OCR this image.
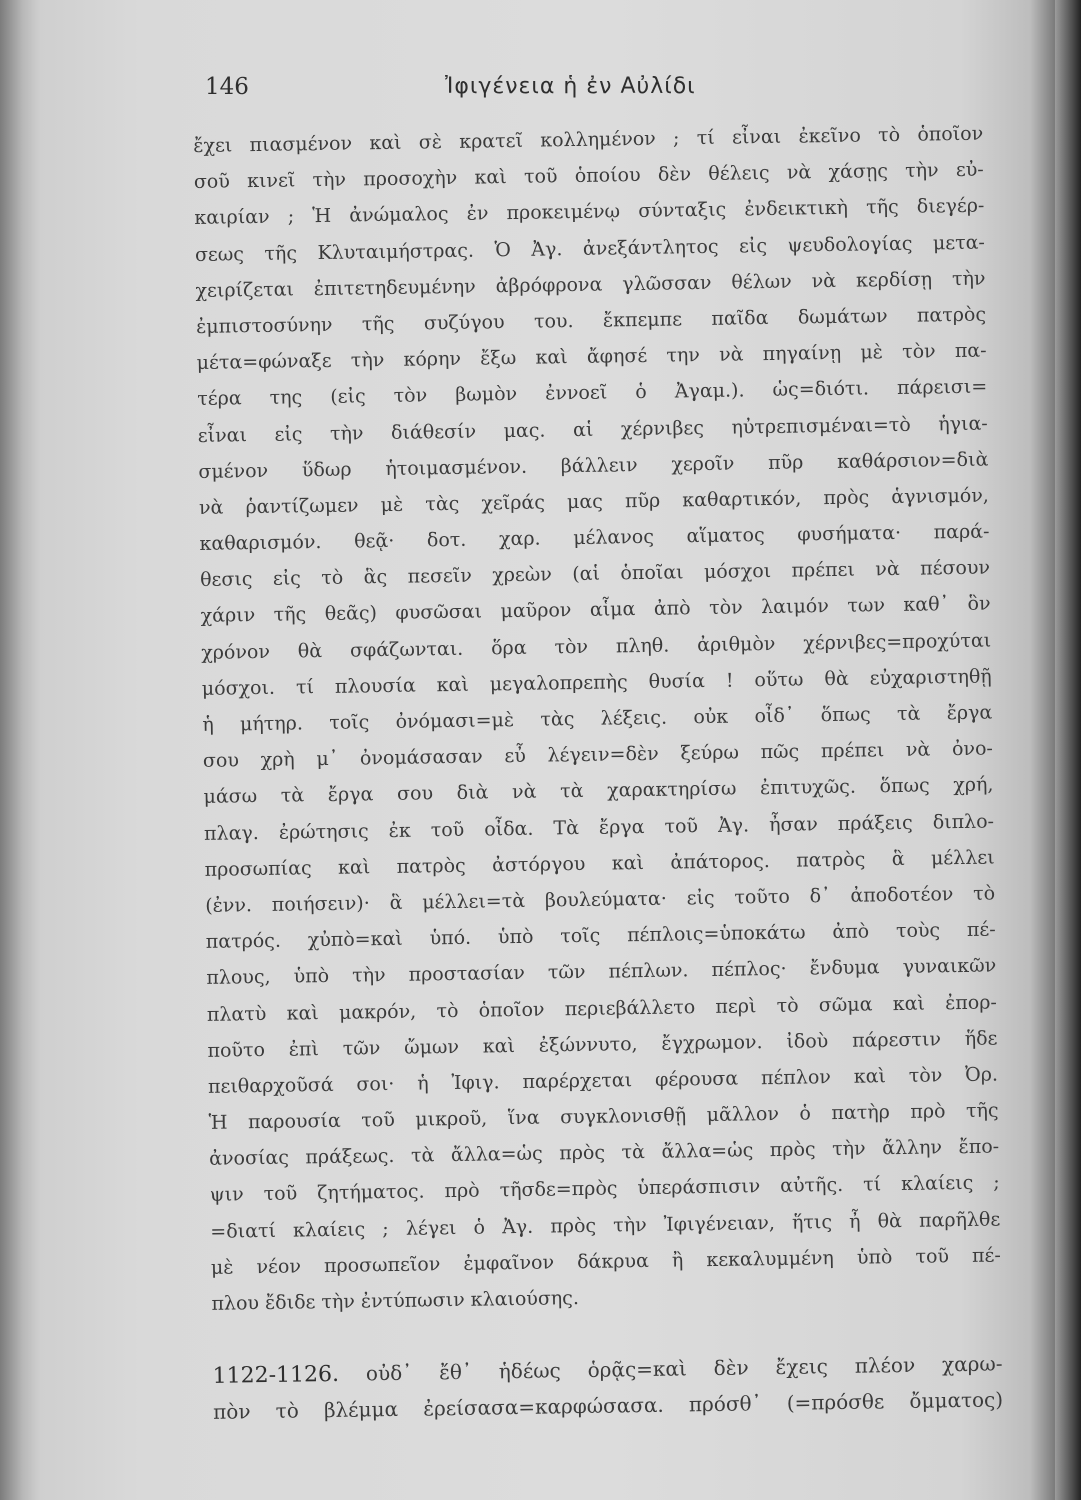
146	Ἰφιγένεια ἡ ἐν Αὐλίδι
ἔχει πιασμένον καὶ σὲ κρατεῖ κολλημένον ; τί εἶναι ἐκεῖνο τὸ ὁποῖον
σοῦ κινεῖ τὴν προσοχὴν καὶ τοῦ ὁποίου δὲν θέλεις νὰ χάσῃς τὴν εὐ-
καιρίαν ; Ἡ ἀνώμαλος ἐν προκειμένῳ σύνταξις ἐνδεικτικὴ τῆς διεγέρ-
σεως τῆς Κλυταιμήστρας. Ὁ Ἀγ. ἀνεξάντλητος εἰς ψευδολογίας μετα-
χειρίζεται ἐπιτετηδευμένην ἀβρόφρονα γλῶσσαν θέλων νὰ κερδίσῃ τὴν
ἐμπιστοσύνην τῆς συζύγου του. ἔκπεμπε παῖδα δωμάτων πατρὸς
μέτα=φώναξε τὴν κόρην ἔξω καὶ ἄφησέ την νὰ πηγαίνῃ μὲ τὸν πα-
τέρα της (εἰς τὸν βωμὸν ἐννοεῖ ὁ Ἀγαμ.). ὡς=διότι. πάρεισι=
εἶναι εἰς τὴν διάθεσίν μας. αἱ χέρνιβες ηὐτρεπισμέναι=τὸ ἡγια-
σμένον ὕδωρ ἡτοιμασμένον. βάλλειν χεροῖν πῦρ καθάρσιον=διὰ
νὰ ῥαντίζωμεν μὲ τὰς χεῖράς μας πῦρ καθαρτικόν, πρὸς ἁγνισμόν,
καθαρισμόν. θεᾷ· δοτ. χαρ. μέλανος αἵματος φυσήματα· παρά-
θεσις εἰς τὸ ἃς πεσεῖν χρεὼν (αἱ ὁποῖαι μόσχοι πρέπει νὰ πέσουν
χάριν τῆς θεᾶς) φυσῶσαι μαῦρον αἷμα ἀπὸ τὸν λαιμόν των καθ᾽ ὃν
χρόνον θὰ σφάζωνται. ὅρα τὸν πληθ. ἀριθμὸν χέρνιβες=προχύται
μόσχοι. τί πλουσία καὶ μεγαλοπρεπὴς θυσία ! οὕτω θὰ εὐχαριστηθῇ
ἡ μήτηρ. τοῖς ὀνόμασι=μὲ τὰς λέξεις. οὐκ οἶδ᾽ ὅπως τὰ ἔργα
σου χρὴ μ᾽ ὀνομάσασαν εὖ λέγειν=δὲν ξεύρω πῶς πρέπει νὰ ὀνο-
μάσω τὰ ἔργα σου διὰ νὰ τὰ χαρακτηρίσω ἐπιτυχῶς. ὅπως χρή,
πλαγ. ἐρώτησις ἐκ τοῦ οἶδα. Τὰ ἔργα τοῦ Ἀγ. ἦσαν πράξεις διπλο-
προσωπίας καὶ πατρὸς ἀστόργου καὶ ἀπάτορος. πατρὸς ἃ μέλλει
(ἐνν. ποιήσειν)· ἃ μέλλει=τὰ βουλεύματα· εἰς τοῦτο δ᾽ ἀποδοτέον τὸ
πατρός. χὐπὸ=καὶ ὑπό. ὑπὸ τοῖς πέπλοις=ὑποκάτω ἀπὸ τοὺς πέ-
πλους, ὑπὸ τὴν προστασίαν τῶν πέπλων. πέπλος· ἔνδυμα γυναικῶν
πλατὺ καὶ μακρόν, τὸ ὁποῖον περιεβάλλετο περὶ τὸ σῶμα καὶ ἐπορ-
ποῦτο ἐπὶ τῶν ὤμων καὶ ἐξώννυτο, ἔγχρωμον. ἰδοὺ πάρεστιν ἥδε
πειθαρχοῦσά σοι· ἡ Ἰφιγ. παρέρχεται φέρουσα πέπλον καὶ τὸν Ὀρ.
Ἡ παρουσία τοῦ μικροῦ, ἵνα συγκλονισθῇ μᾶλλον ὁ πατὴρ πρὸ τῆς
ἀνοσίας πράξεως. τὰ ἄλλα=ὡς πρὸς τὰ ἄλλα=ὡς πρὸς τὴν ἄλλην ἔπο-
ψιν τοῦ ζητήματος. πρὸ τῆσδε=πρὸς ὑπεράσπισιν αὐτῆς. τί κλαίεις ;
=διατί κλαίεις ; λέγει ὁ Ἀγ. πρὸς τὴν Ἰφιγένειαν, ἥτις ἦ θὰ παρῆλθε
μὲ νέον προσωπεῖον ἐμφαῖνον δάκρυα ἢ κεκαλυμμένη ὑπὸ τοῦ πέ-
πλου ἔδιδε τὴν ἐντύπωσιν κλαιούσης.
1122-1126. οὐδ᾽ ἔθ᾽ ἡδέως ὁρᾷς=καὶ δὲν ἔχεις πλέον χαρω-
πὸν τὸ βλέμμα ἐρείσασα=καρφώσασα. πρόσθ᾽ (=πρόσθε ὄμματος)
